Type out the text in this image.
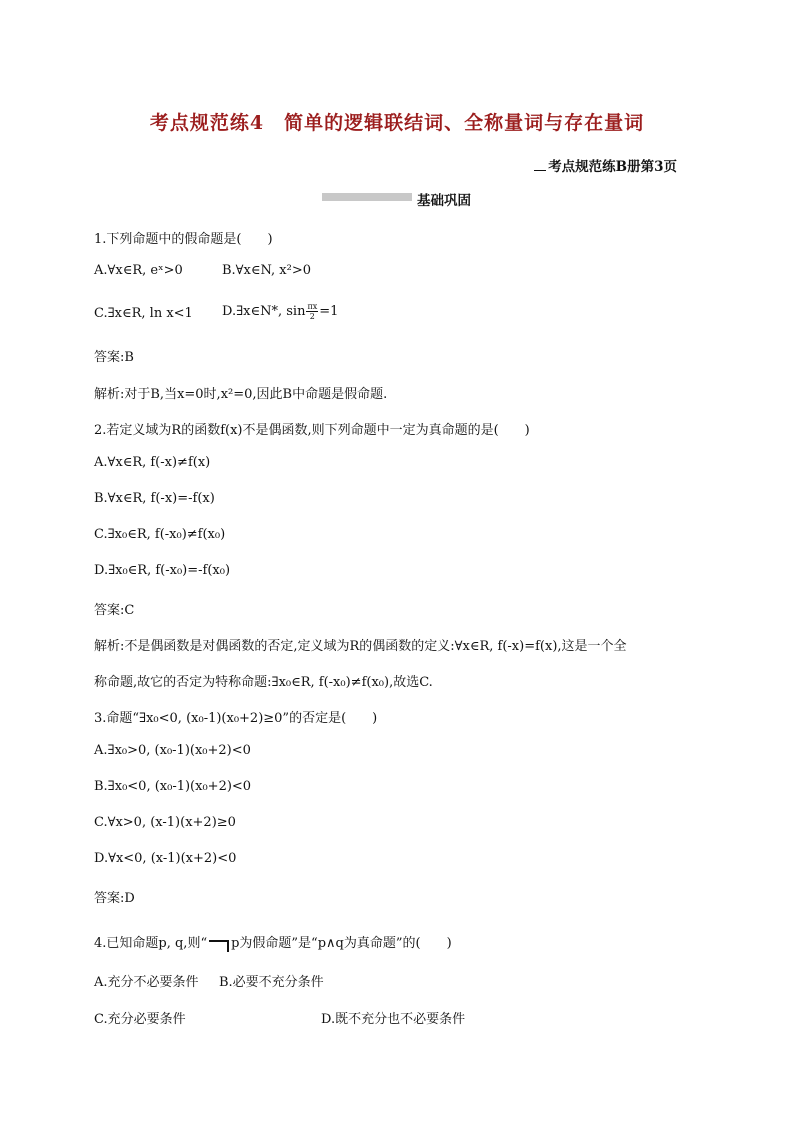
考点规范练4　简单的逻辑联结词、全称量词与存在量词
考点规范练B册第3页
基础巩固
1.下列命题中的假命题是(　　)
A.∀x∈R, eˣ>0	B.∀x∈N, x²>0
C.∃x∈R, ln x<1 D.∃x∈N*, $\sin \frac{\pi x}{2} =1$
答案:B
解析:对于B,当x=0时,x²=0,因此B中命题是假命题.
2.若定义域为R的函数f(x)不是偶函数,则下列命题中一定为真命题的是(　　)
A.∀x∈R, f(-x)≠f(x)
B.∀x∈R, f(-x)=-f(x)
C.∃x₀∈R, f(-x₀)≠f(x₀)
D.∃x₀∈R, f(-x₀)=-f(x₀)
答案:C
解析:不是偶函数是对偶函数的否定,定义域为R的偶函数的定义:∀x∈R, f(-x)=f(x),这是一个全
称命题,故它的否定为特称命题:∃x₀∈R, f(-x₀)≠f(x₀),故选C.
3.命题“∃x₀<0, (x₀-1)(x₀+2)≥0”的否定是(　　)
A.∃x₀>0, (x₀-1)(x₀+2)<0
B.∃x₀<0, (x₀-1)(x₀+2)<0
C.∀x>0, (x-1)(x+2)≥0
D.∀x<0, (x-1)(x+2)<0
答案:D
4.已知命题p, q,则“ p为假命题”是“p∧q为真命题”的(　　)
A.充分不必要条件 B.必要不充分条件
C.充分必要条件	D.既不充分也不必要条件
